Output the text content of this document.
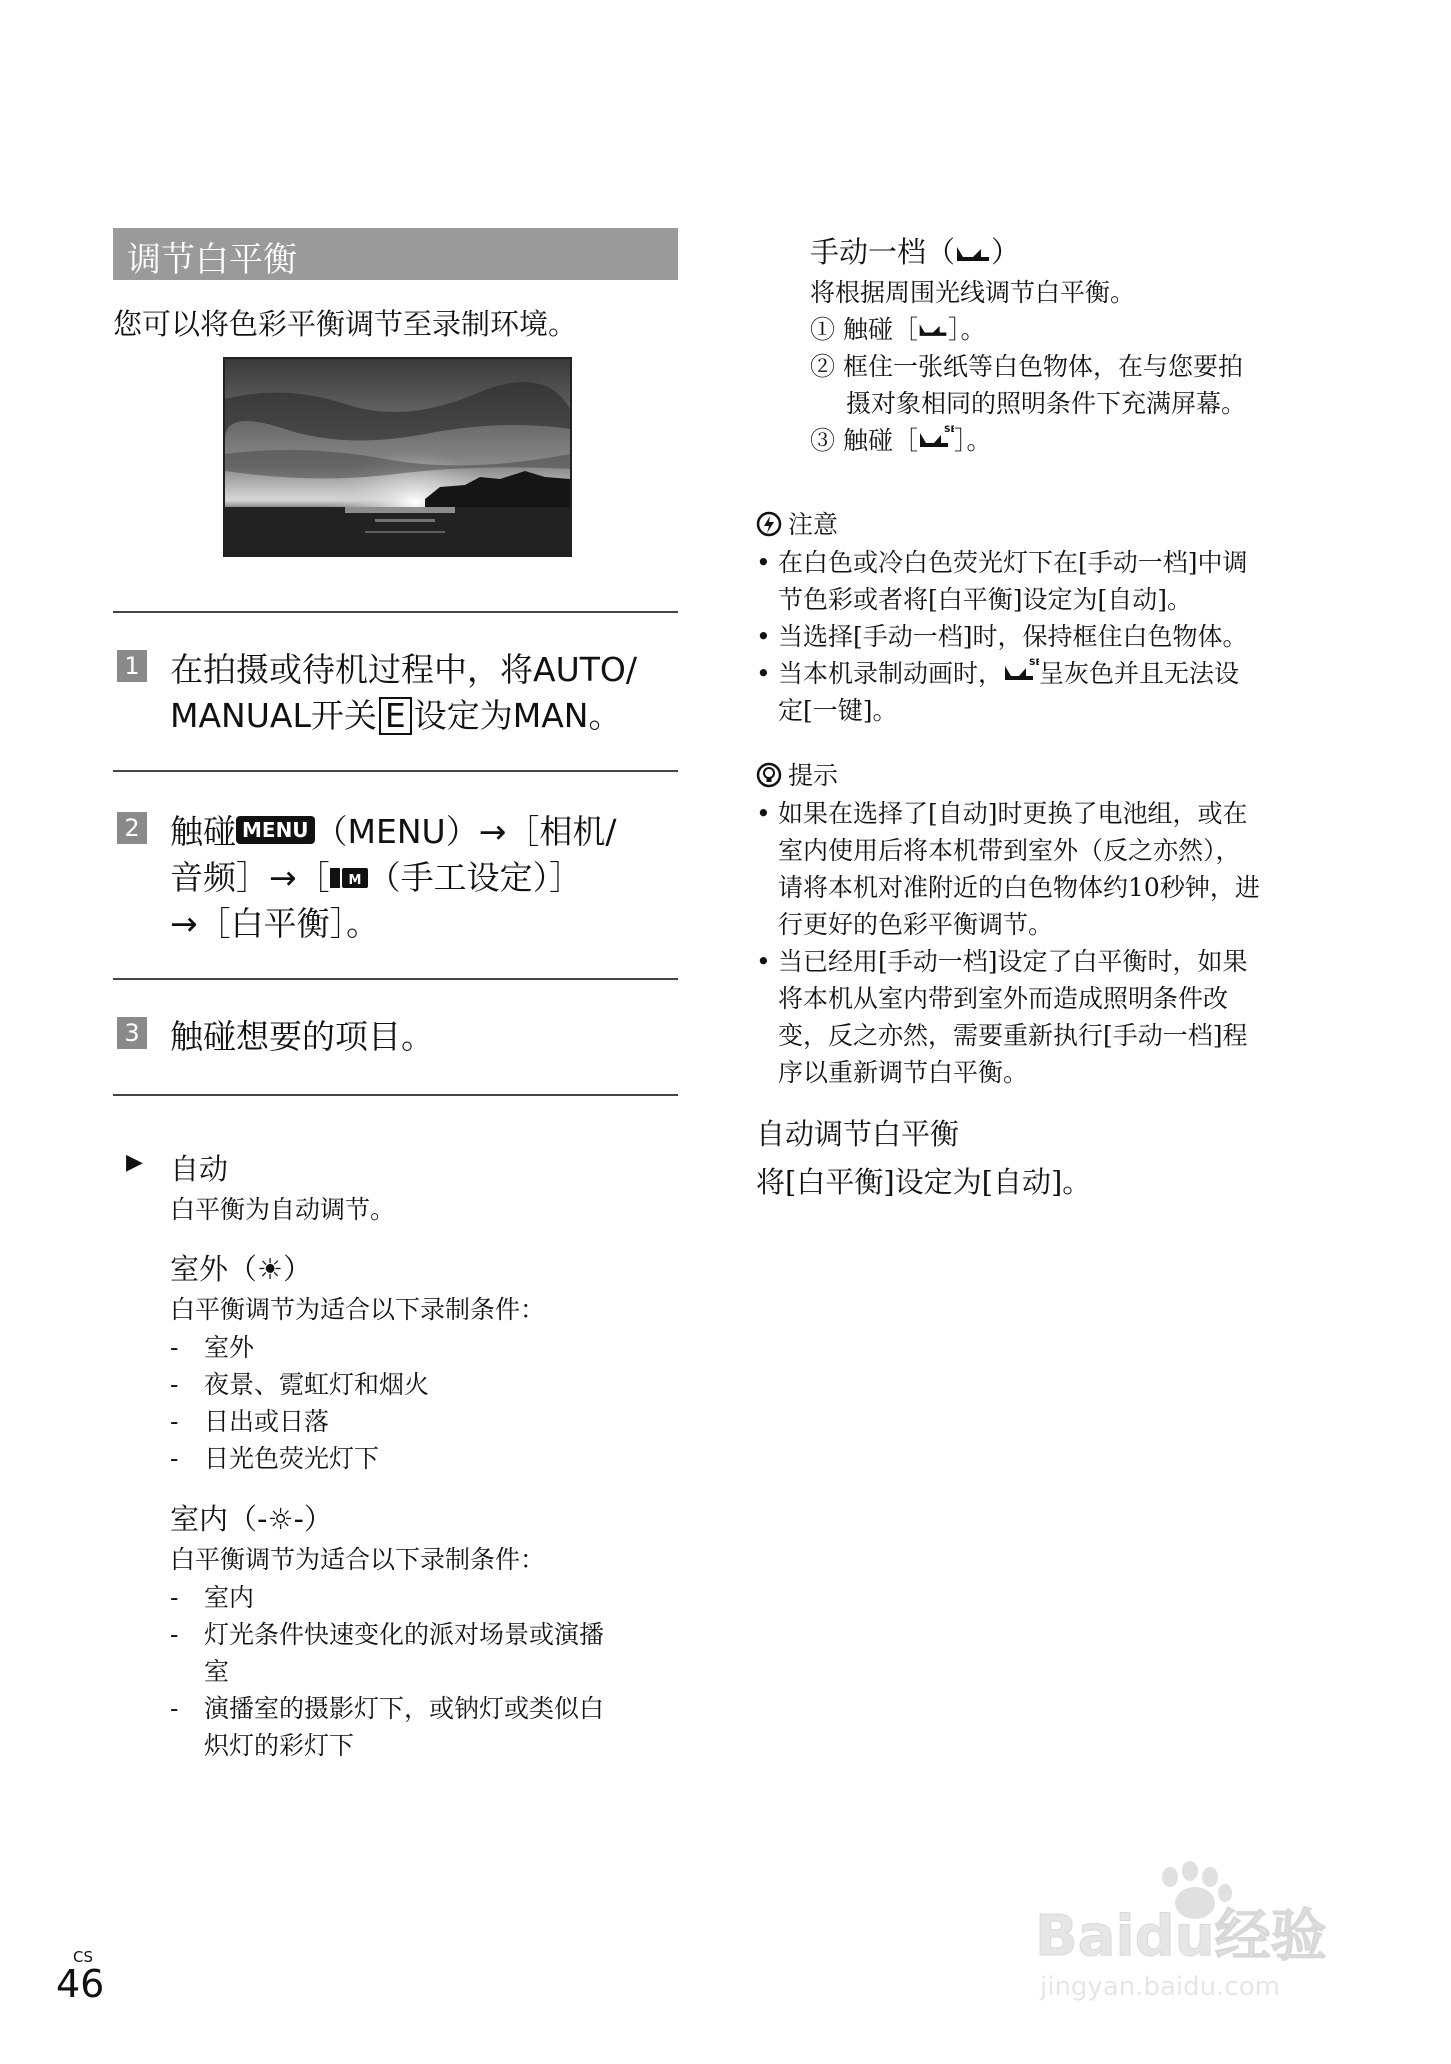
调节白平衡
您可以将色彩平衡调节至录制环境。
1 在拍摄或待机过程中，将AUTO/
MANUAL开关 E 设定为MAN。
2 触碰 MENU （MENU）→［相机/
音频］→［ M （手工设定）］
→［白平衡］。
3 触碰想要的项目。
▶ 自动
白平衡为自动调节。
室外（☀）
白平衡调节为适合以下录制条件：
- 室外
- 夜景、霓虹灯和烟火
- 日出或日落
- 日光色荧光灯下
室内（-☼-）
白平衡调节为适合以下录制条件：
- 室内
- 灯光条件快速变化的派对场景或演播
室
- 演播室的摄影灯下，或钠灯或类似白
炽灯的彩灯下
手动一档（ ）
将根据周围光线调节白平衡。
① 触碰［ ］。
② 框住一张纸等白色物体，在与您要拍
摄对象相同的照明条件下充满屏幕。
③ 触碰［	SE
］。
注意
• 在白色或冷白色荧光灯下在[手动一档]中调
节色彩或者将[白平衡]设定为[自动]。
• 当选择[手动一档]时，保持框住白色物体。
• 当本机录制动画时，	SE
呈灰色并且无法设
定[一键]。
提示
• 如果在选择了[自动]时更换了电池组，或在
室内使用后将本机带到室外（反之亦然），
请将本机对准附近的白色物体约10秒钟，进
行更好的色彩平衡调节。
• 当已经用[手动一档]设定了白平衡时，如果
将本机从室内带到室外而造成照明条件改
变，反之亦然，需要重新执行[手动一档]程
序以重新调节白平衡。
自动调节白平衡
将[白平衡]设定为[自动]。
CS
46
Baidu经验
jingyan.baidu.com
